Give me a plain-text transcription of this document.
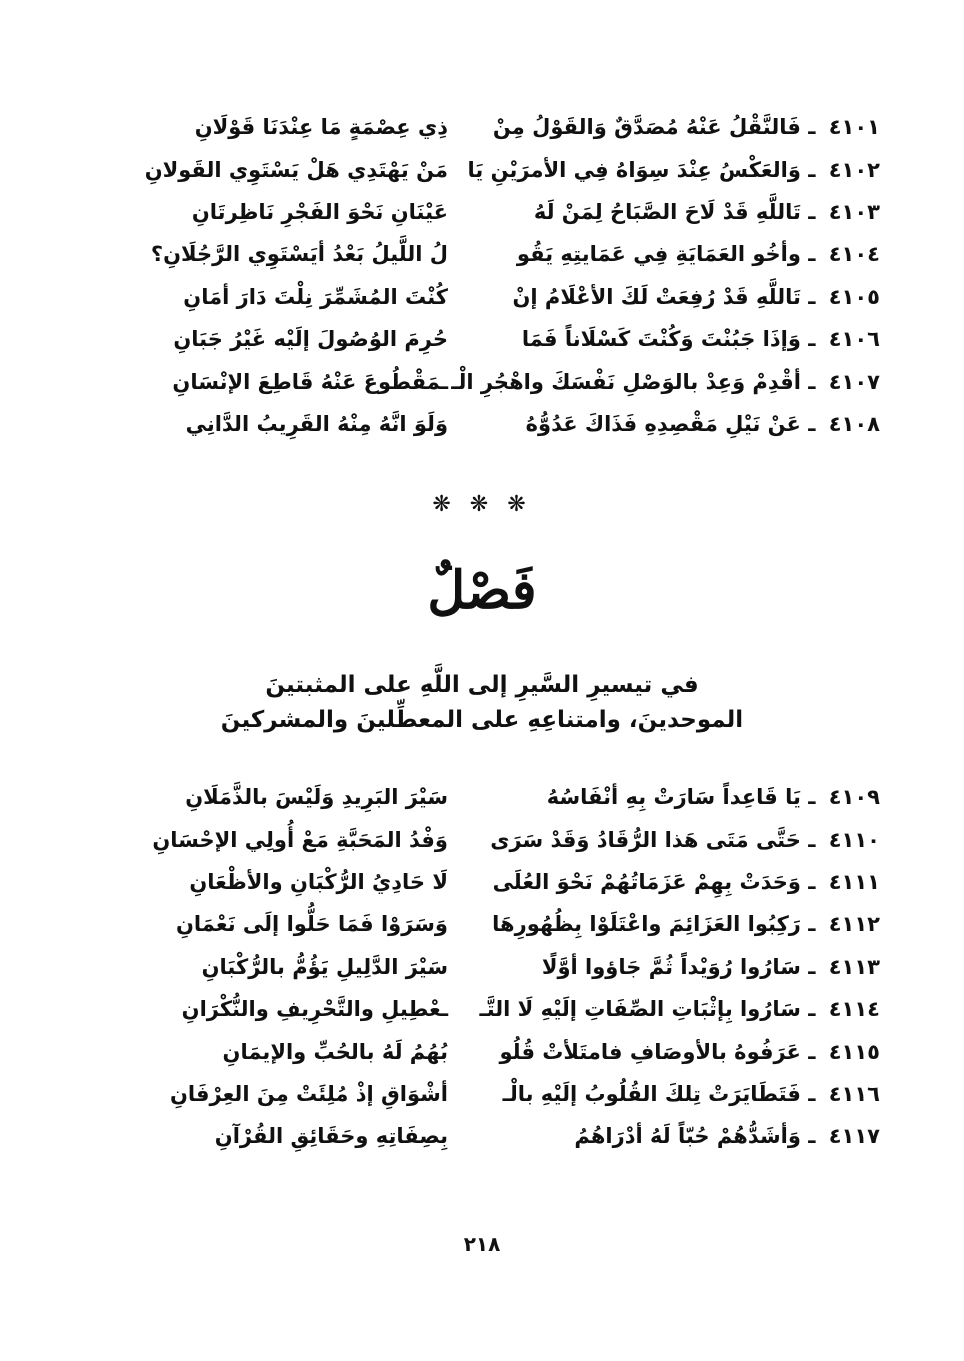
٤١٠١ ـ فَالنَّقْلُ عَنْهُ مُصَدَّقٌ وَالقَوْلُ مِنْ
ذِي عِصْمَةٍ مَا عِنْدَنَا قَوْلَانِ
٤١٠٢ ـ وَالعَكْسُ عِنْدَ سِوَاهُ فِي الأمرَيْنِ يَا
مَنْ يَهْتَدِي هَلْ يَسْتَوِي القَولانِ
٤١٠٣ ـ تَاللَّهِ قَدْ لَاحَ الصَّبَاحُ لِمَنْ لَهُ
عَيْنَانِ نَحْوَ الفَجْرِ نَاظِرتَانِ
٤١٠٤ ـ وأخُو العَمَايَةِ فِي عَمَايتِهِ يَقُو
لُ اللَّيلُ بَعْدُ أيَسْتَوِي الرَّجُلَانِ؟
٤١٠٥ ـ تَاللَّهِ قَدْ رُفِعَتْ لَكَ الأعْلَامُ إنْ
كُنْتَ المُشَمِّرَ نِلْتَ دَارَ أمَانِ
٤١٠٦ ـ وَإذَا جَبُنْتَ وَكُنْتَ كَسْلَاناً فَمَا
حُرِمَ الوُصُولَ إلَيْه غَيْرُ جَبَانِ
٤١٠٧ ـ أقْدِمْ وَعِدْ بالوَصْلِ نَفْسَكَ واهْجُرِ الْـ
ـمَقْطُوعَ عَنْهُ قَاطِعَ الإنْسَانِ
٤١٠٨ ـ عَنْ نَيْلِ مَقْصِدِهِ فَذَاكَ عَدُوُّهُ
وَلَوَ انَّهُ مِنْهُ القَرِيبُ الدَّانِي
❋ ❋ ❋
فَصْلٌ
في تيسيرِ السَّيرِ إلى اللَّهِ على المثبتينَ
الموحدينَ، وامتناعِهِ على المعطِّلينَ والمشركينَ
٤١٠٩ ـ يَا قَاعِداً سَارَتْ بِهِ أنْفَاسُهُ
سَيْرَ البَرِيدِ وَلَيْسَ بالذَّمَلَانِ
٤١١٠ ـ حَتَّى مَتَى هَذا الرُّقَادُ وَقَدْ سَرَى
وَفْدُ المَحَبَّةِ مَعْ أُولِي الإحْسَانِ
٤١١١ ـ وَحَدَتْ بِهِمْ عَزَمَاتُهُمْ نَحْوَ العُلَى
لَا حَادِيُ الرُّكْبَانِ والأظْعَانِ
٤١١٢ ـ رَكِبُوا العَزَائِمَ واعْتَلَوْا بِظُهُورِهَا
وَسَرَوْا فَمَا حَلُّوا إلَى نَعْمَانِ
٤١١٣ ـ سَارُوا رُوَيْداً ثُمَّ جَاؤوا أوَّلًا
سَيْرَ الدَّلِيلِ يَؤُمُّ بالرُّكْبَانِ
٤١١٤ ـ سَارُوا بِإثْبَاتِ الصِّفَاتِ إلَيْهِ لَا التَّـ
ـعْطِيلِ والتَّحْرِيفِ والنُّكْرَانِ
٤١١٥ ـ عَرَفُوهُ بالأوصَافِ فامتَلأتْ قُلُو
بُهُمُ لَهُ بالحُبِّ والإيمَانِ
٤١١٦ ـ فَتَطَايَرَتْ تِلكَ القُلُوبُ إلَيْهِ بالْـ
أشْوَاقِ إذْ مُلِئَتْ مِنَ العِرْفَانِ
٤١١٧ ـ وَأشَدُّهُمْ حُبّاً لَهُ أدْرَاهُمُ
بِصِفَاتِهِ وحَقَائِقِ القُرْآنِ
٢١٨
